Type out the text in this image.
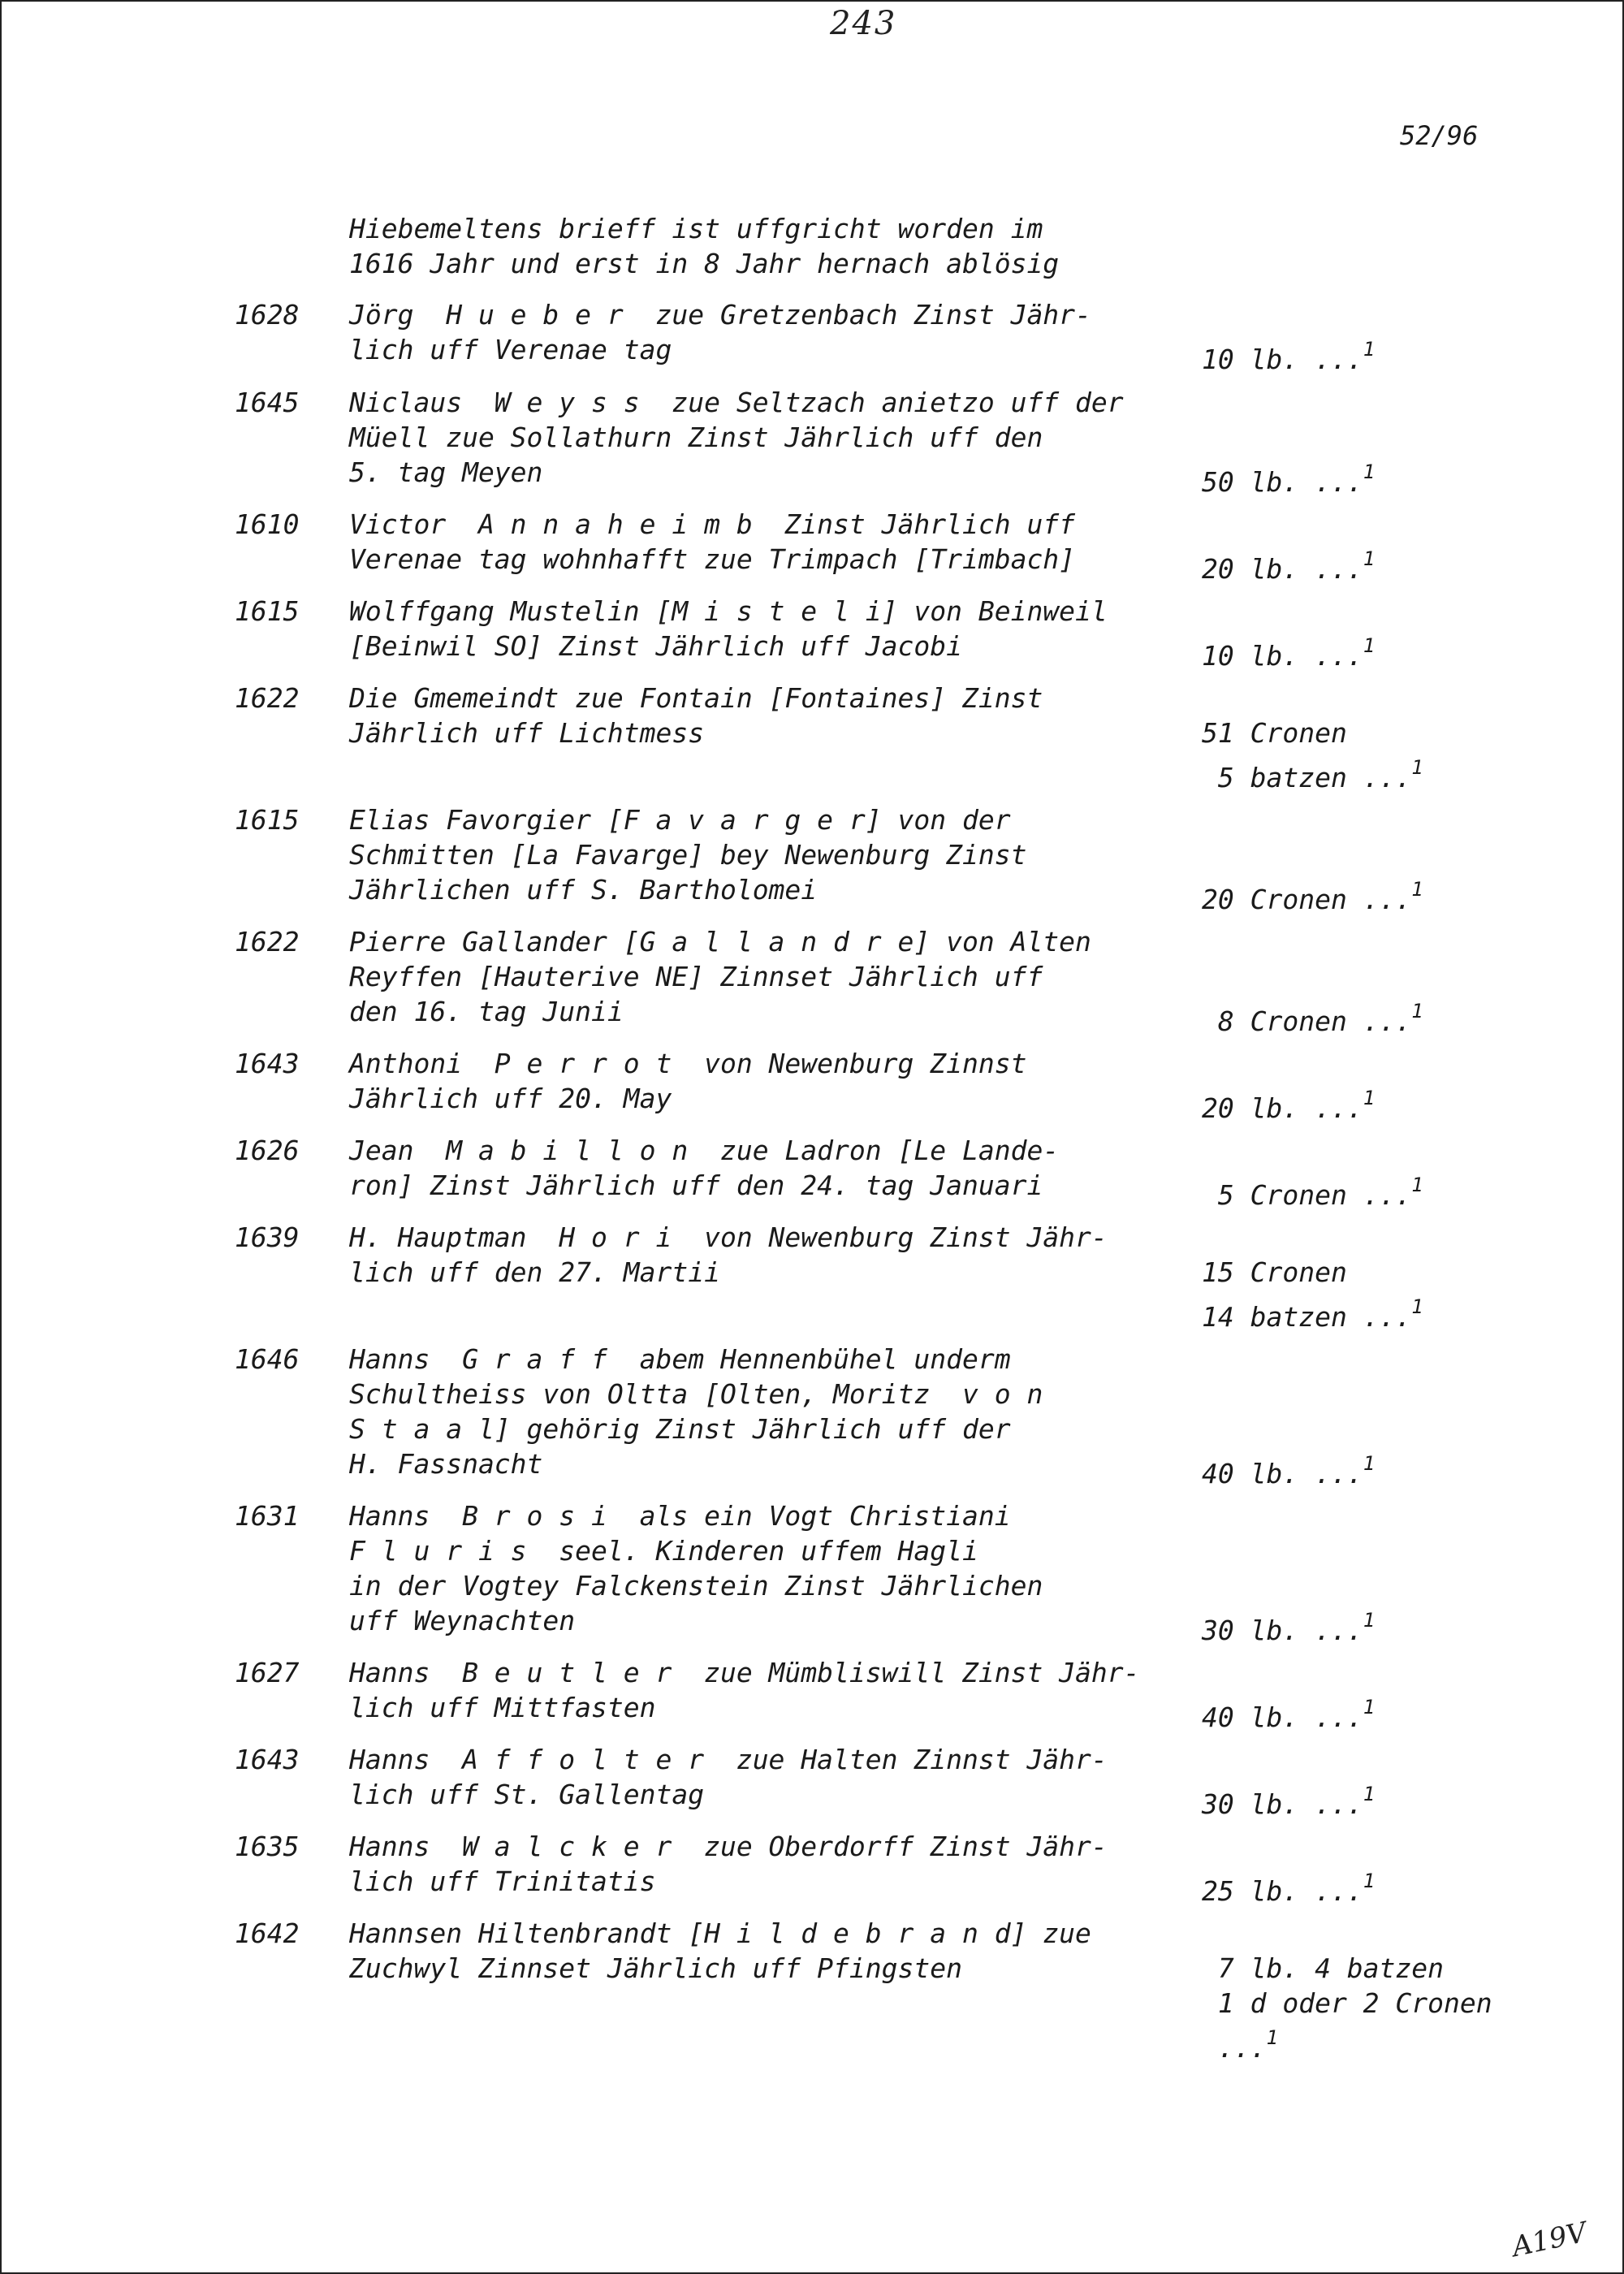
243
52/96
Hiebemeltens brieff ist uffgricht worden im
1616 Jahr und erst in 8 Jahr hernach ablösig
1628 Jörg  H u e b e r  zue Gretzenbach Zinst Jähr-
lich uff Verenae tag	10 lb. ...$^1$
1645 Niclaus  W e y s s  zue Seltzach anietzo uff der
Müell zue Sollathurn Zinst Jährlich uff den
5. tag Meyen	50 lb. ...$^1$
1610 Victor  A n n a h e i m b  Zinst Jährlich uff
Verenae tag wohnhafft zue Trimpach [Trimbach]	20 lb. ...$^1$
1615 Wolffgang Mustelin [M i s t e l i] von Beinweil
[Beinwil SO] Zinst Jährlich uff Jacobi	10 lb. ...$^1$
1622 Die Gmemeindt zue Fontain [Fontaines] Zinst
Jährlich uff Lichtmess	51 Cronen
5 batzen ...$^1$
1615 Elias Favorgier [F a v a r g e r] von der
Schmitten [La Favarge] bey Newenburg Zinst
Jährlichen uff S. Bartholomei	20 Cronen ...$^1$
1622 Pierre Gallander [G a l l a n d r e] von Alten
Reyffen [Hauterive NE] Zinnset Jährlich uff
den 16. tag Junii	8 Cronen ...$^1$
1643 Anthoni  P e r r o t  von Newenburg Zinnst
Jährlich uff 20. May	20 lb. ...$^1$
1626 Jean  M a b i l l o n  zue Ladron [Le Lande-
ron] Zinst Jährlich uff den 24. tag Januari	5 Cronen ...$^1$
1639 H. Hauptman  H o r i  von Newenburg Zinst Jähr-
lich uff den 27. Martii	15 Cronen
14 batzen ...$^1$
1646 Hanns  G r a f f  abem Hennenbühel underm
Schultheiss von Oltta [Olten, Moritz  v o n
S t a a l] gehörig Zinst Jährlich uff der
H. Fassnacht	40 lb. ...$^1$
1631 Hanns  B r o s i  als ein Vogt Christiani
F l u r i s  seel. Kinderen uffem Hagli
in der Vogtey Falckenstein Zinst Jährlichen
uff Weynachten	30 lb. ...$^1$
1627 Hanns  B e u t l e r  zue Mümbliswill Zinst Jähr-
lich uff Mittfasten	40 lb. ...$^1$
1643 Hanns  A f f o l t e r  zue Halten Zinnst Jähr-
lich uff St. Gallentag	30 lb. ...$^1$
1635 Hanns  W a l c k e r  zue Oberdorff Zinst Jähr-
lich uff Trinitatis	25 lb. ...$^1$
1642 Hannsen Hiltenbrandt [H i l d e b r a n d] zue
Zuchwyl Zinnset Jährlich uff Pfingsten	7 lb. 4 batzen
1 d oder 2 Cronen
...$^1$
A19V
